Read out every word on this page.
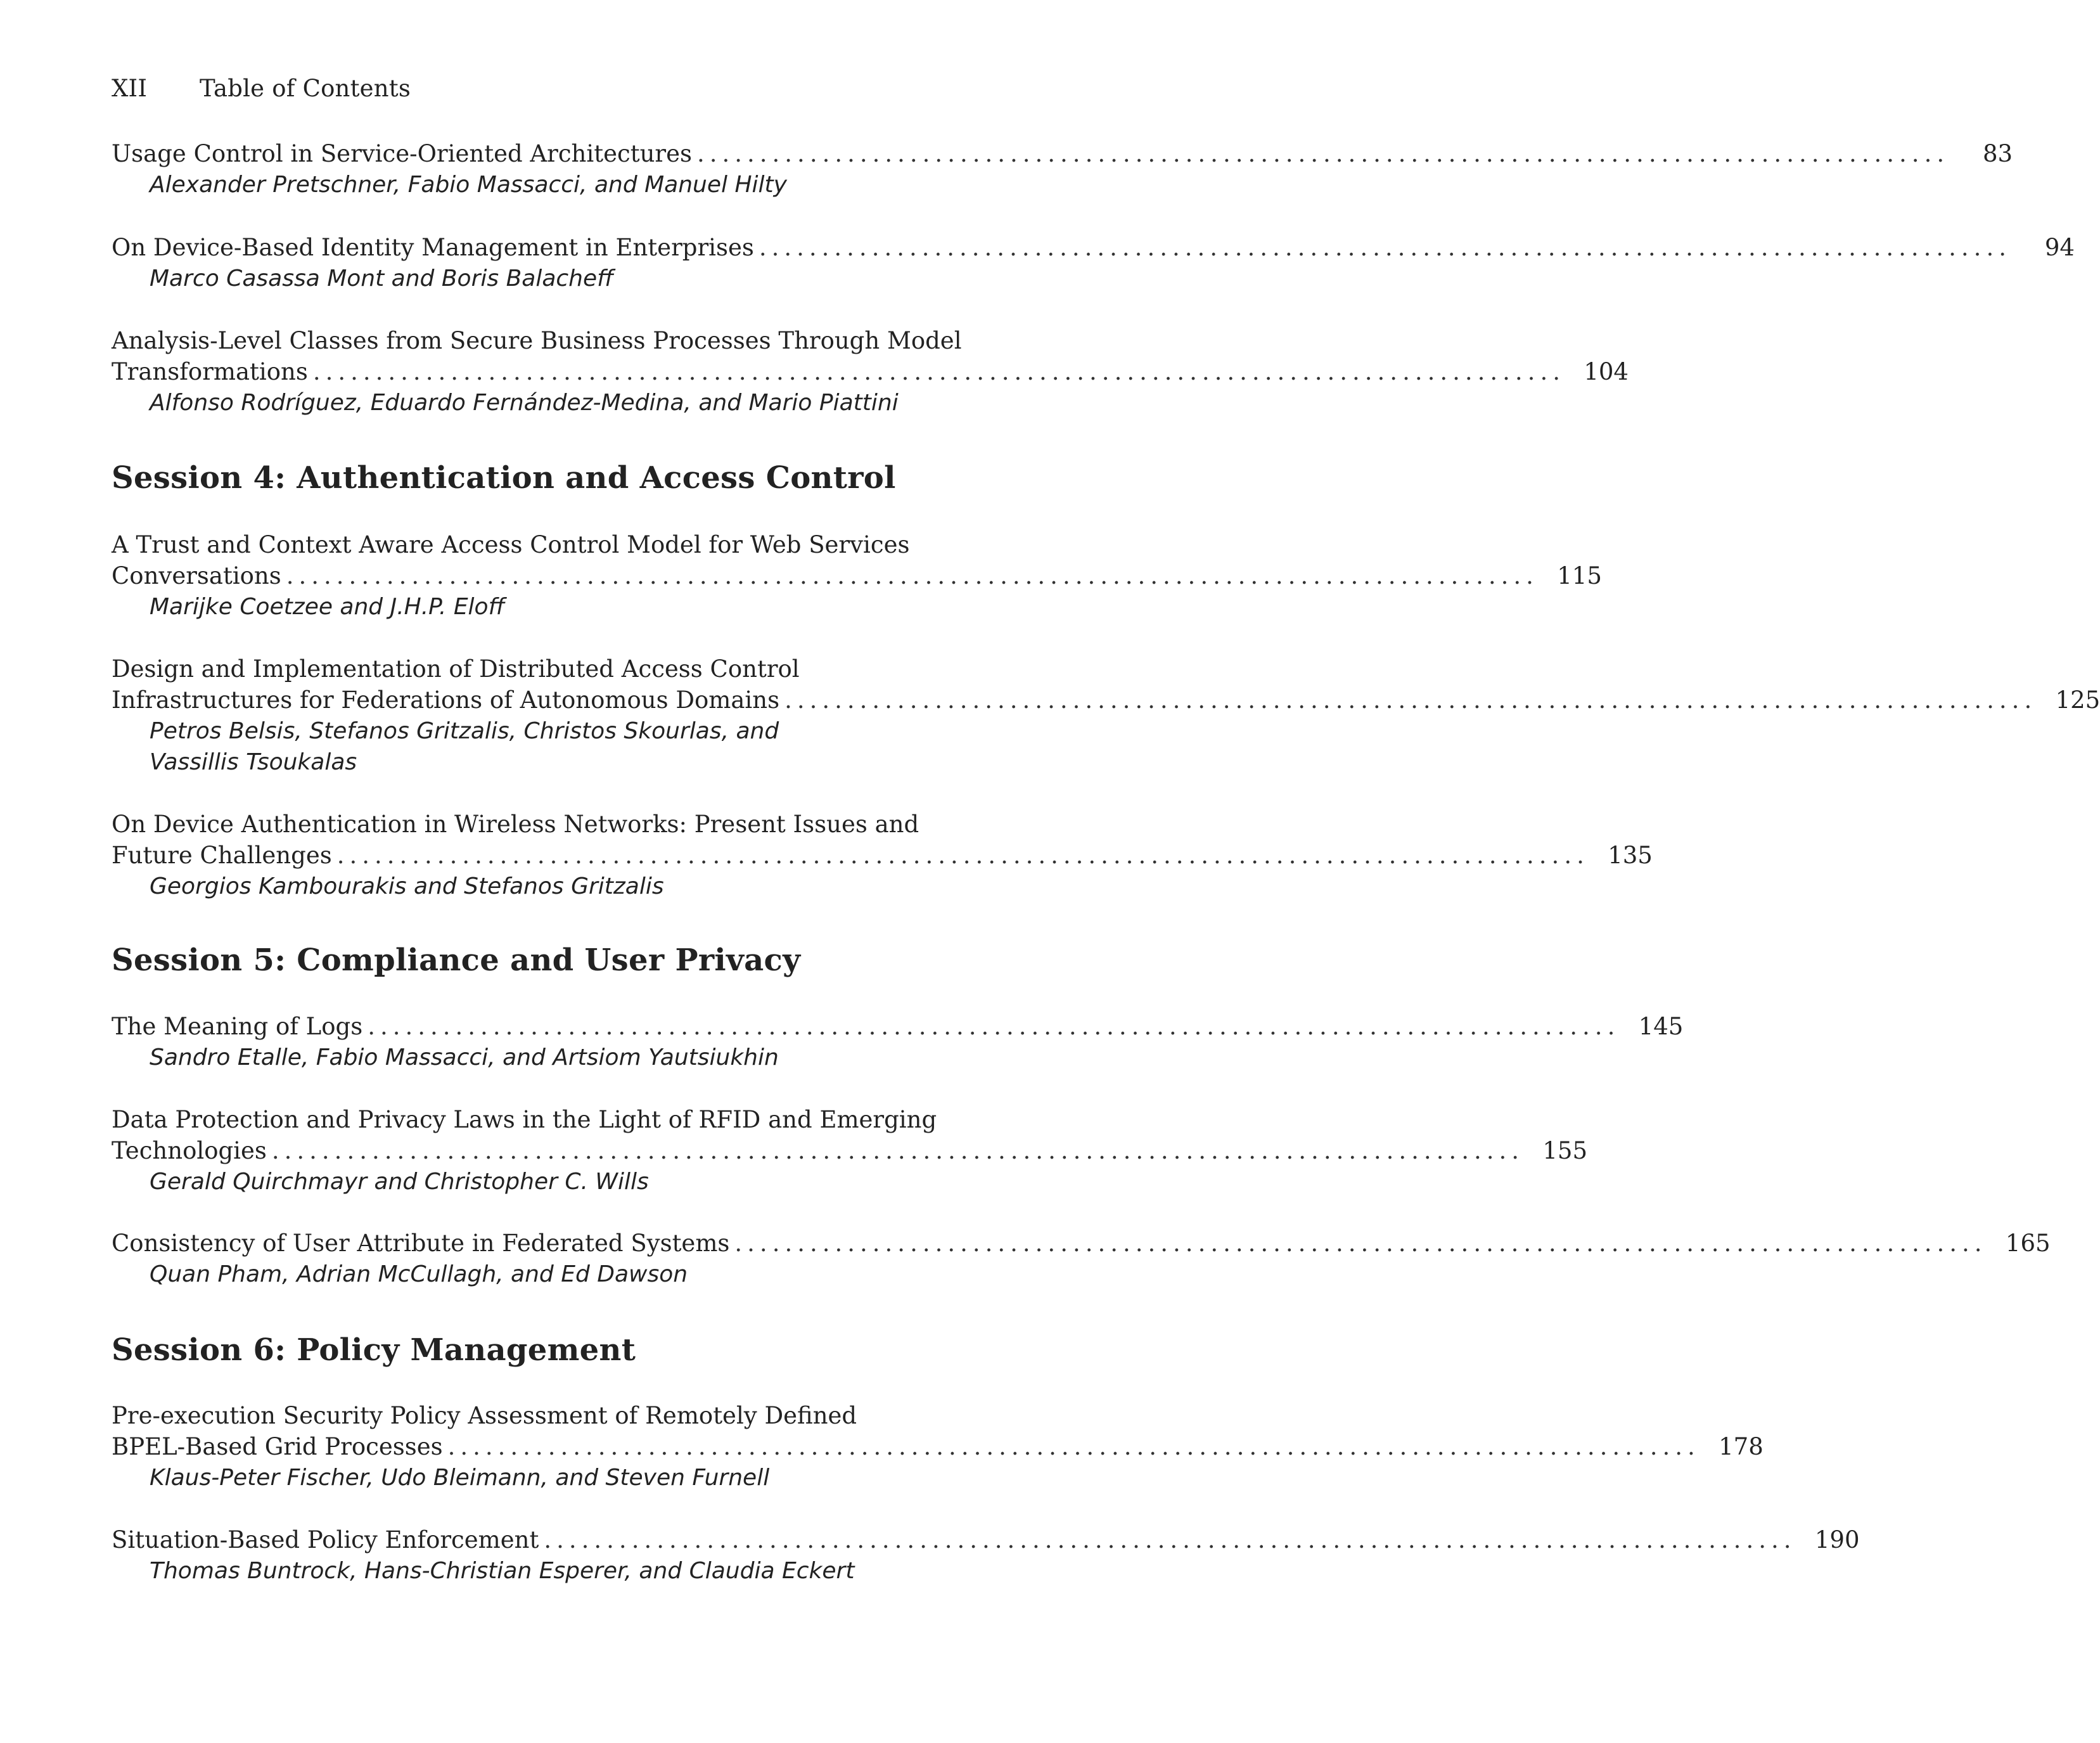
XII Table of Contents
Usage Control in Service-Oriented Architectures ....................................................................................................	83
Alexander Pretschner, Fabio Massacci, and Manuel Hilty
On Device-Based Identity Management in Enterprises ....................................................................................................	94
Marco Casassa Mont and Boris Balacheff
Analysis-Level Classes from Secure Business Processes Through Model
Transformations .................................................................................................... 104
Alfonso Rodríguez, Eduardo Fernández-Medina, and Mario Piattini
Session 4: Authentication and Access Control
A Trust and Context Aware Access Control Model for Web Services
Conversations .................................................................................................... 115
Marijke Coetzee and J.H.P. Eloff
Design and Implementation of Distributed Access Control
Infrastructures for Federations of Autonomous Domains .................................................................................................... 125
Petros Belsis, Stefanos Gritzalis, Christos Skourlas, and
Vassillis Tsoukalas
On Device Authentication in Wireless Networks: Present Issues and
Future Challenges .................................................................................................... 135
Georgios Kambourakis and Stefanos Gritzalis
Session 5: Compliance and User Privacy
The Meaning of Logs .................................................................................................... 145
Sandro Etalle, Fabio Massacci, and Artsiom Yautsiukhin
Data Protection and Privacy Laws in the Light of RFID and Emerging
Technologies .................................................................................................... 155
Gerald Quirchmayr and Christopher C. Wills
Consistency of User Attribute in Federated Systems .................................................................................................... 165
Quan Pham, Adrian McCullagh, and Ed Dawson
Session 6: Policy Management
Pre-execution Security Policy Assessment of Remotely Defined
BPEL-Based Grid Processes .................................................................................................... 178
Klaus-Peter Fischer, Udo Bleimann, and Steven Furnell
Situation-Based Policy Enforcement .................................................................................................... 190
Thomas Buntrock, Hans-Christian Esperer, and Claudia Eckert
